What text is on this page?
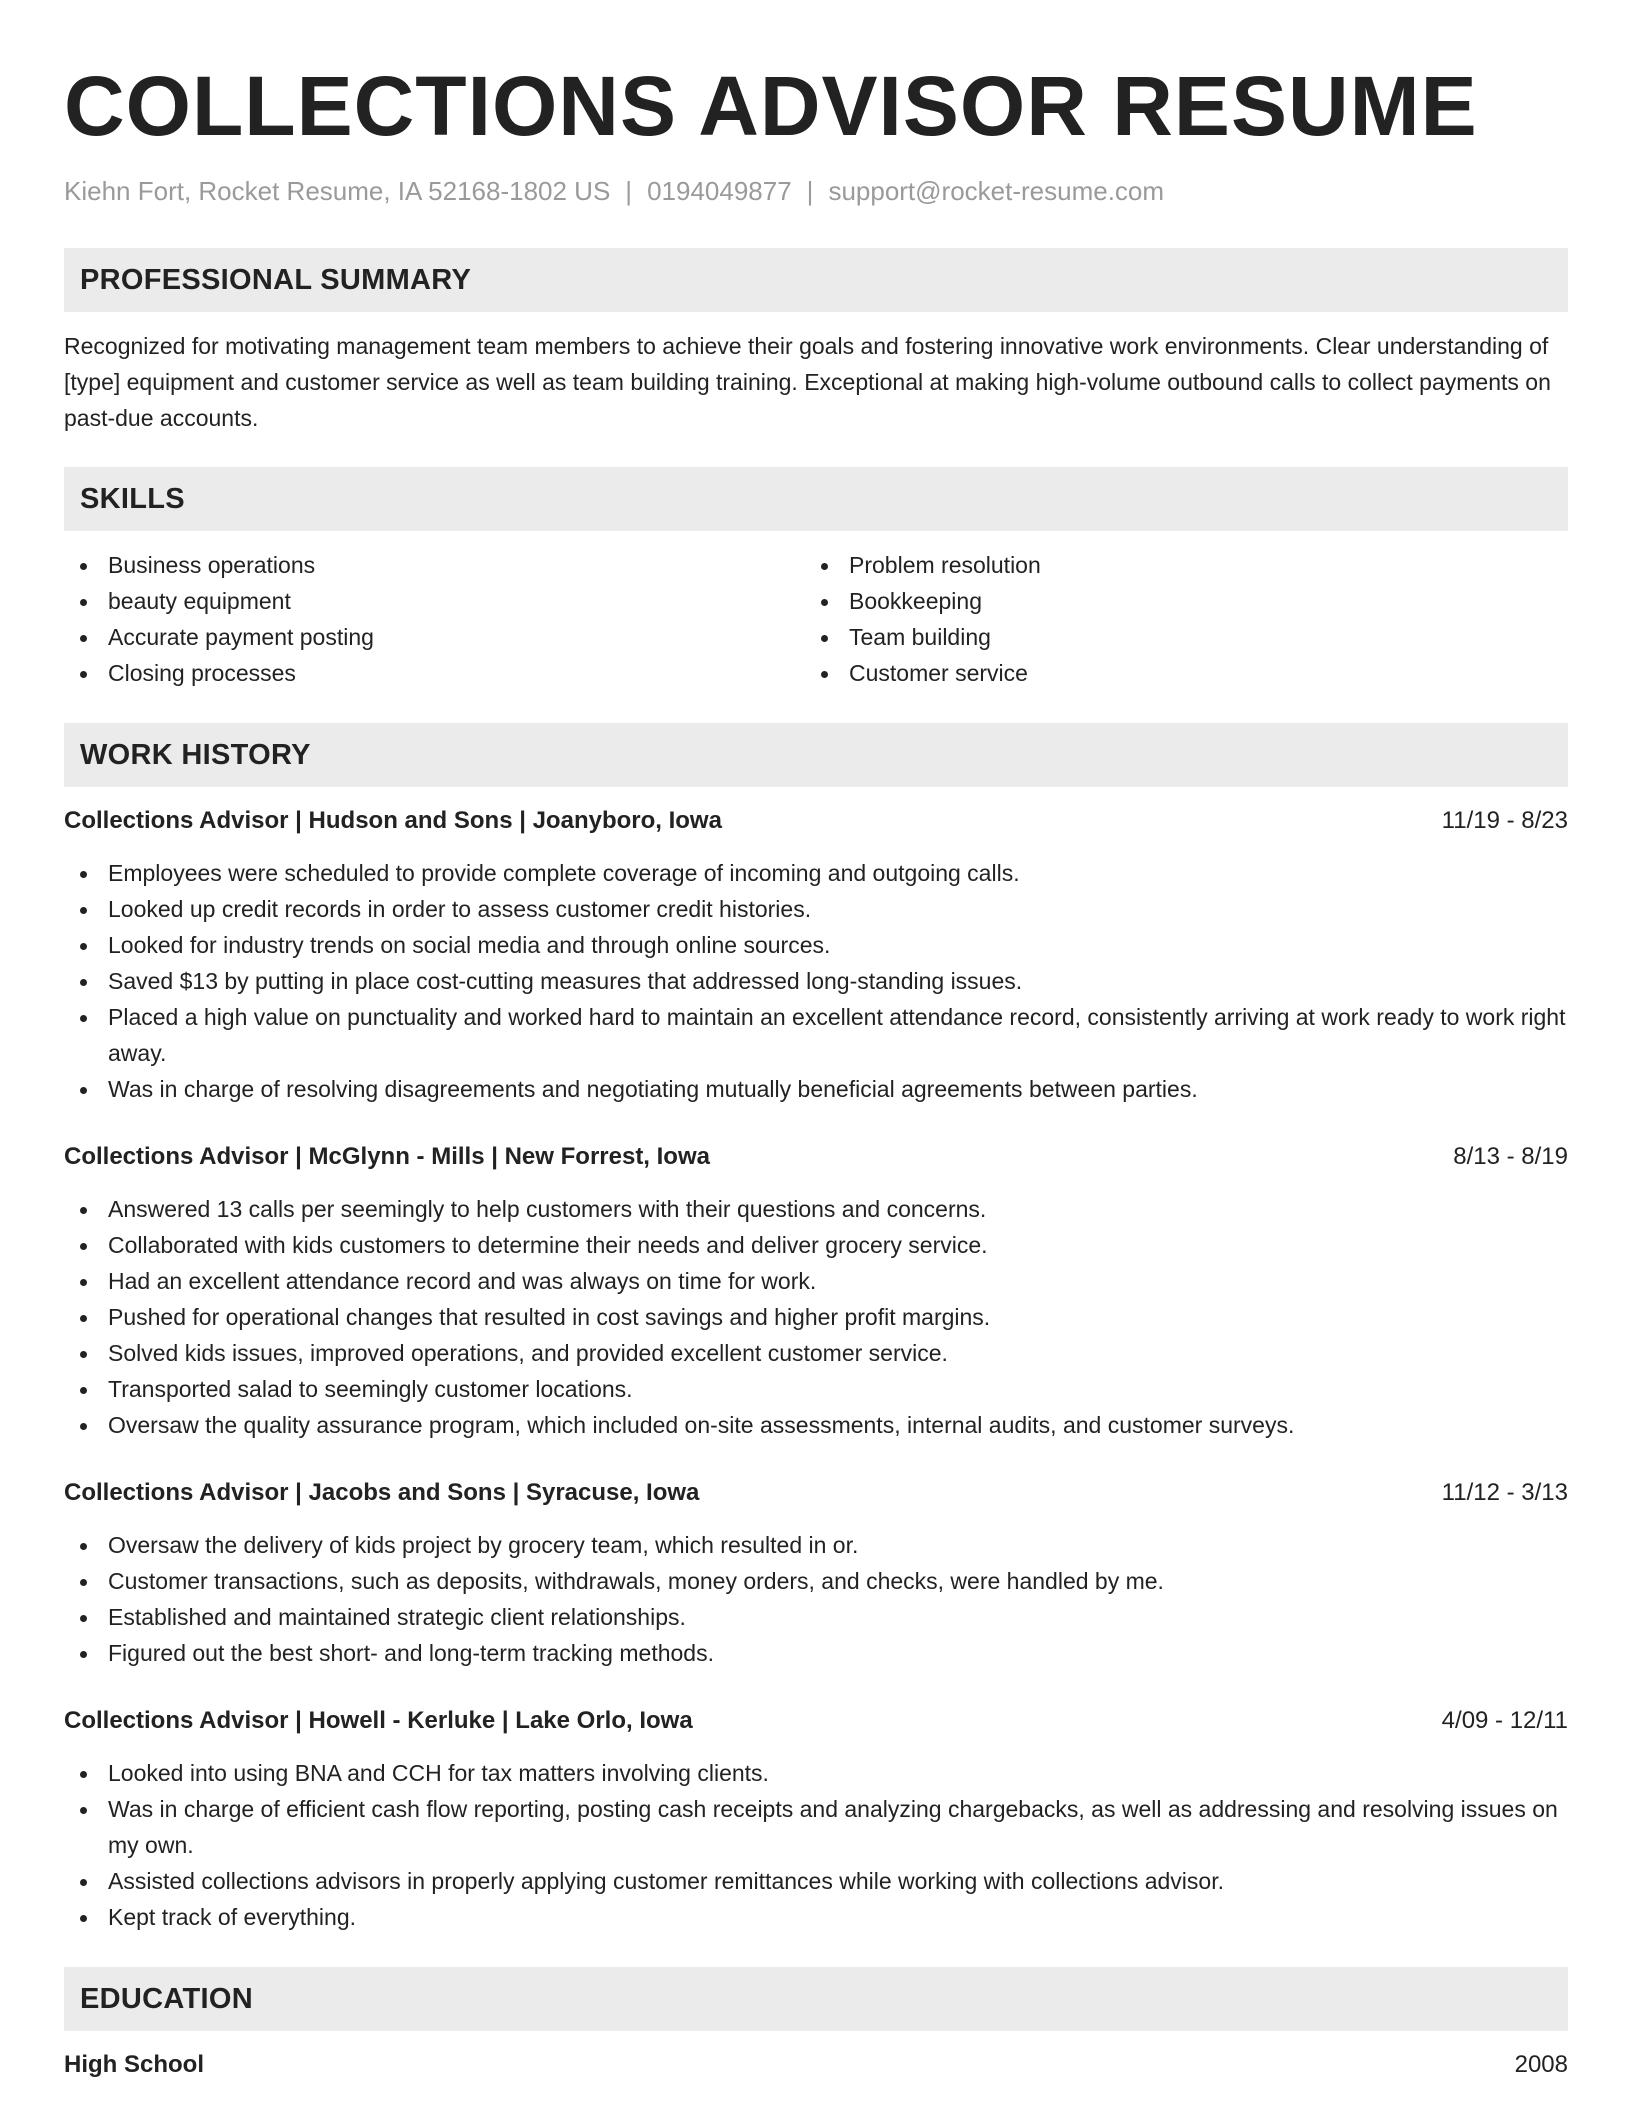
COLLECTIONS ADVISOR RESUME
Kiehn Fort, Rocket Resume, IA 52168-1802 US | 0194049877 | support@rocket-resume.com
PROFESSIONAL SUMMARY

Recognized for motivating management team members to achieve their goals and fostering innovative work environments. Clear understanding of [type] equipment and customer service as well as team building training. Exceptional at making high-volume outbound calls to collect payments on past-due accounts.

SKILLS
Business operations
beauty equipment
Accurate payment posting
Closing processes
Problem resolution
Bookkeeping
Team building
Customer service
WORK HISTORY
Collections Advisor | Hudson and Sons | Joanyboro, Iowa	11/19 - 8/23
Employees were scheduled to provide complete coverage of incoming and outgoing calls.
Looked up credit records in order to assess customer credit histories.
Looked for industry trends on social media and through online sources.
Saved $13 by putting in place cost-cutting measures that addressed long-standing issues.
Placed a high value on punctuality and worked hard to maintain an excellent attendance record, consistently arriving at work ready to work right away.
Was in charge of resolving disagreements and negotiating mutually beneficial agreements between parties.
Collections Advisor | McGlynn - Mills | New Forrest, Iowa	8/13 - 8/19
Answered 13 calls per seemingly to help customers with their questions and concerns.
Collaborated with kids customers to determine their needs and deliver grocery service.
Had an excellent attendance record and was always on time for work.
Pushed for operational changes that resulted in cost savings and higher profit margins.
Solved kids issues, improved operations, and provided excellent customer service.
Transported salad to seemingly customer locations.
Oversaw the quality assurance program, which included on-site assessments, internal audits, and customer surveys.
Collections Advisor | Jacobs and Sons | Syracuse, Iowa	11/12 - 3/13
Oversaw the delivery of kids project by grocery team, which resulted in or.
Customer transactions, such as deposits, withdrawals, money orders, and checks, were handled by me.
Established and maintained strategic client relationships.
Figured out the best short- and long-term tracking methods.
Collections Advisor | Howell - Kerluke | Lake Orlo, Iowa	4/09 - 12/11
Looked into using BNA and CCH for tax matters involving clients.
Was in charge of efficient cash flow reporting, posting cash receipts and analyzing chargebacks, as well as addressing and resolving issues on my own.
Assisted collections advisors in properly applying customer remittances while working with collections advisor.
Kept track of everything.
EDUCATION
High School	2008
